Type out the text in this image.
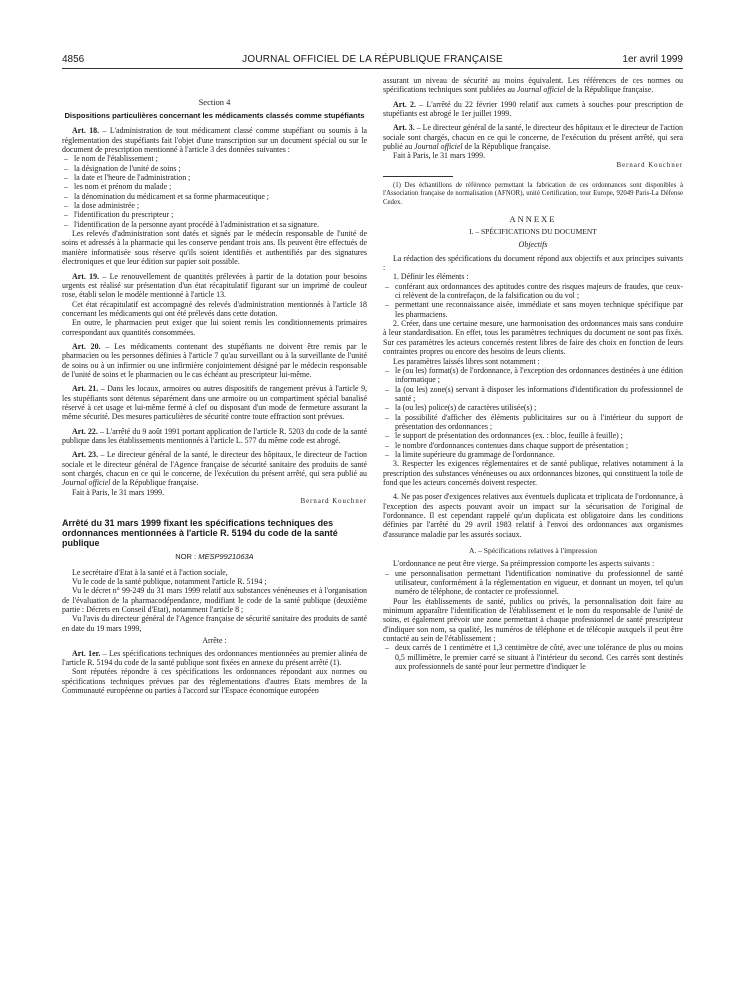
4856	JOURNAL OFFICIEL DE LA RÉPUBLIQUE FRANÇAISE	1er avril 1999
Section 4
Dispositions particulières concernant les médicaments classés comme stupéfiants

Art. 18. – L'administration de tout médicament classé comme stupéfiant ou soumis à la réglementation des stupéfiants fait l'objet d'une transcription sur un document spécial ou sur le document de prescription mentionné à l'article 3 des données suivantes :

– le nom de l'établissement ;
– la désignation de l'unité de soins ;
– la date et l'heure de l'administration ;
– les nom et prénom du malade ;
– la dénomination du médicament et sa forme pharmaceutique ;
– la dose administrée ;
– l'identification du prescripteur ;
– l'identification de la personne ayant procédé à l'administration et sa signature.

Les relevés d'administration sont datés et signés par le médecin responsable de l'unité de soins et adressés à la pharmacie qui les conserve pendant trois ans. Ils peuvent être effectués de manière informatisée sous réserve qu'ils soient identifiés et authentifiés par des signatures électroniques et que leur édition sur papier soit possible.

Art. 19. – Le renouvellement de quantités prélevées à partir de la dotation pour besoins urgents est réalisé sur présentation d'un état récapitulatif figurant sur un imprimé de couleur rose, établi selon le modèle mentionné à l'article 13.

Cet état récapitulatif est accompagné des relevés d'administration mentionnés à l'article 18 concernant les médicaments qui ont été prélevés dans cette dotation.

En outre, le pharmacien peut exiger que lui soient remis les conditionnements primaires correspondant aux quantités consommées.

Art. 20. – Les médicaments contenant des stupéfiants ne doivent être remis par le pharmacien ou les personnes définies à l'article 7 qu'au surveillant ou à la surveillante de l'unité de soins ou à un infirmier ou une infirmière conjointement désigné par le médecin responsable de l'unité de soins et le pharmacien ou le cas échéant au prescripteur lui-même.

Art. 21. – Dans les locaux, armoires ou autres dispositifs de rangement prévus à l'article 9, les stupéfiants sont détenus séparément dans une armoire ou un compartiment spécial banalisé réservé à cet usage et lui-même fermé à clef ou disposant d'un mode de fermeture assurant la même sécurité. Des mesures particulières de sécurité contre toute effraction sont prévues.

Art. 22. – L'arrêté du 9 août 1991 portant application de l'article R. 5203 du code de la santé publique dans les établissements mentionnés à l'article L. 577 du même code est abrogé.

Art. 23. – Le directeur général de la santé, le directeur des hôpitaux, le directeur de l'action sociale et le directeur général de l'Agence française de sécurité sanitaire des produits de santé sont chargés, chacun en ce qui le concerne, de l'exécution du présent arrêté, qui sera publié au Journal officiel de la République française.

Fait à Paris, le 31 mars 1999.

Bernard Kouchner

Arrêté du 31 mars 1999 fixant les spécifications techniques des ordonnances mentionnées à l'article R. 5194 du code de la santé publique
NOR : MESP9921063A

Le secrétaire d'Etat à la santé et à l'action sociale,

Vu le code de la santé publique, notamment l'article R. 5194 ;

Vu le décret n° 99-249 du 31 mars 1999 relatif aux substances vénéneuses et à l'organisation de l'évaluation de la pharmacodépendance, modifiant le code de la santé publique (deuxième partie : Décrets en Conseil d'Etat), notamment l'article 8 ;

Vu l'avis du directeur général de l'Agence française de sécurité sanitaire des produits de santé en date du 19 mars 1999,

Arrête :

Art. 1er. – Les spécifications techniques des ordonnances mentionnées au premier alinéa de l'article R. 5194 du code de la santé publique sont fixées en annexe du présent arrêté (1).

Sont réputées répondre à ces spécifications les ordonnances répondant aux normes ou spécifications techniques prévues par des réglementations d'autres Etats membres de la Communauté européenne ou parties à l'accord sur l'Espace économique européen

assurant un niveau de sécurité au moins équivalent. Les références de ces normes ou spécifications techniques sont publiées au Journal officiel de la République française.

Art. 2. – L'arrêté du 22 février 1990 relatif aux carnets à souches pour prescription de stupéfiants est abrogé le 1er juillet 1999.

Art. 3. – Le directeur général de la santé, le directeur des hôpitaux et le directeur de l'action sociale sont chargés, chacun en ce qui le concerne, de l'exécution du présent arrêté, qui sera publié au Journal officiel de la République française.

Fait à Paris, le 31 mars 1999.

Bernard Kouchner

(1) Des échantillons de référence permettant la fabrication de ces ordonnances sont disponibles à l'Association française de normalisation (AFNOR), unité Certification, tour Europe, 92049 Paris-La Défense Cedex.

ANNEXE
I. – SPÉCIFICATIONS DU DOCUMENT
Objectifs

La rédaction des spécifications du document répond aux objectifs et aux principes suivants :

1. Définir les éléments :

– conférant aux ordonnances des aptitudes contre des risques majeurs de fraudes, que ceux-ci relèvent de la contrefaçon, de la falsification ou du vol ;
– permettant une reconnaissance aisée, immédiate et sans moyen technique spécifique par les pharmaciens.

2. Créer, dans une certaine mesure, une harmonisation des ordonnances mais sans conduire à leur standardisation. En effet, tous les paramètres techniques du document ne sont pas fixés. Sur ces paramètres les acteurs concernés restent libres de faire des choix en fonction de leurs contraintes propres ou encore des besoins de leurs clients.

Les paramètres laissés libres sont notamment :

– le (ou les) format(s) de l'ordonnance, à l'exception des ordonnances destinées à une édition informatique ;
– la (ou les) zone(s) servant à disposer les informations d'identification du professionnel de santé ;
– la (ou les) police(s) de caractères utilisée(s) ;
– la possibilité d'afficher des éléments publicitaires sur ou à l'intérieur du support de présentation des ordonnances ;
– le support de présentation des ordonnances (ex. : bloc, feuille à feuille) ;
– le nombre d'ordonnances contenues dans chaque support de présentation ;
– la limite supérieure du grammage de l'ordonnance.

3. Respecter les exigences réglementaires et de santé publique, relatives notamment à la prescription des substances vénéneuses ou aux ordonnances bizones, qui constituent la toile de fond que les acteurs concernés doivent respecter.

4. Ne pas poser d'exigences relatives aux éventuels duplicata et triplicata de l'ordonnance, à l'exception des aspects pouvant avoir un impact sur la sécurisation de l'original de l'ordonnance. Il est cependant rappelé qu'un duplicata est obligatoire dans les conditions définies par l'arrêté du 29 avril 1983 relatif à l'envoi des ordonnances aux organismes d'assurance maladie par les assurés sociaux.

A. – Spécifications relatives à l'impression

L'ordonnance ne peut être vierge. Sa préimpression comporte les aspects suivants :

– une personnalisation permettant l'identification nominative du professionnel de santé utilisateur, conformément à la réglementation en vigueur, et donnant un moyen, tel qu'un numéro de téléphone, de contacter ce professionnel.

Pour les établissements de santé, publics ou privés, la personnalisation doit faire au minimum apparaître l'identification de l'établissement et le nom du responsable de l'unité de soins, et également prévoir une zone permettant à chaque professionnel de santé prescripteur d'indiquer son nom, sa qualité, les numéros de téléphone et de télécopie auxquels il peut être contacté au sein de l'établissement ;

– deux carrés de 1 centimètre et 1,3 centimètre de côté, avec une tolérance de plus ou moins 0,5 millimètre, le premier carré se situant à l'intérieur du second. Ces carrés sont destinés aux professionnels de santé pour leur permettre d'indiquer le
